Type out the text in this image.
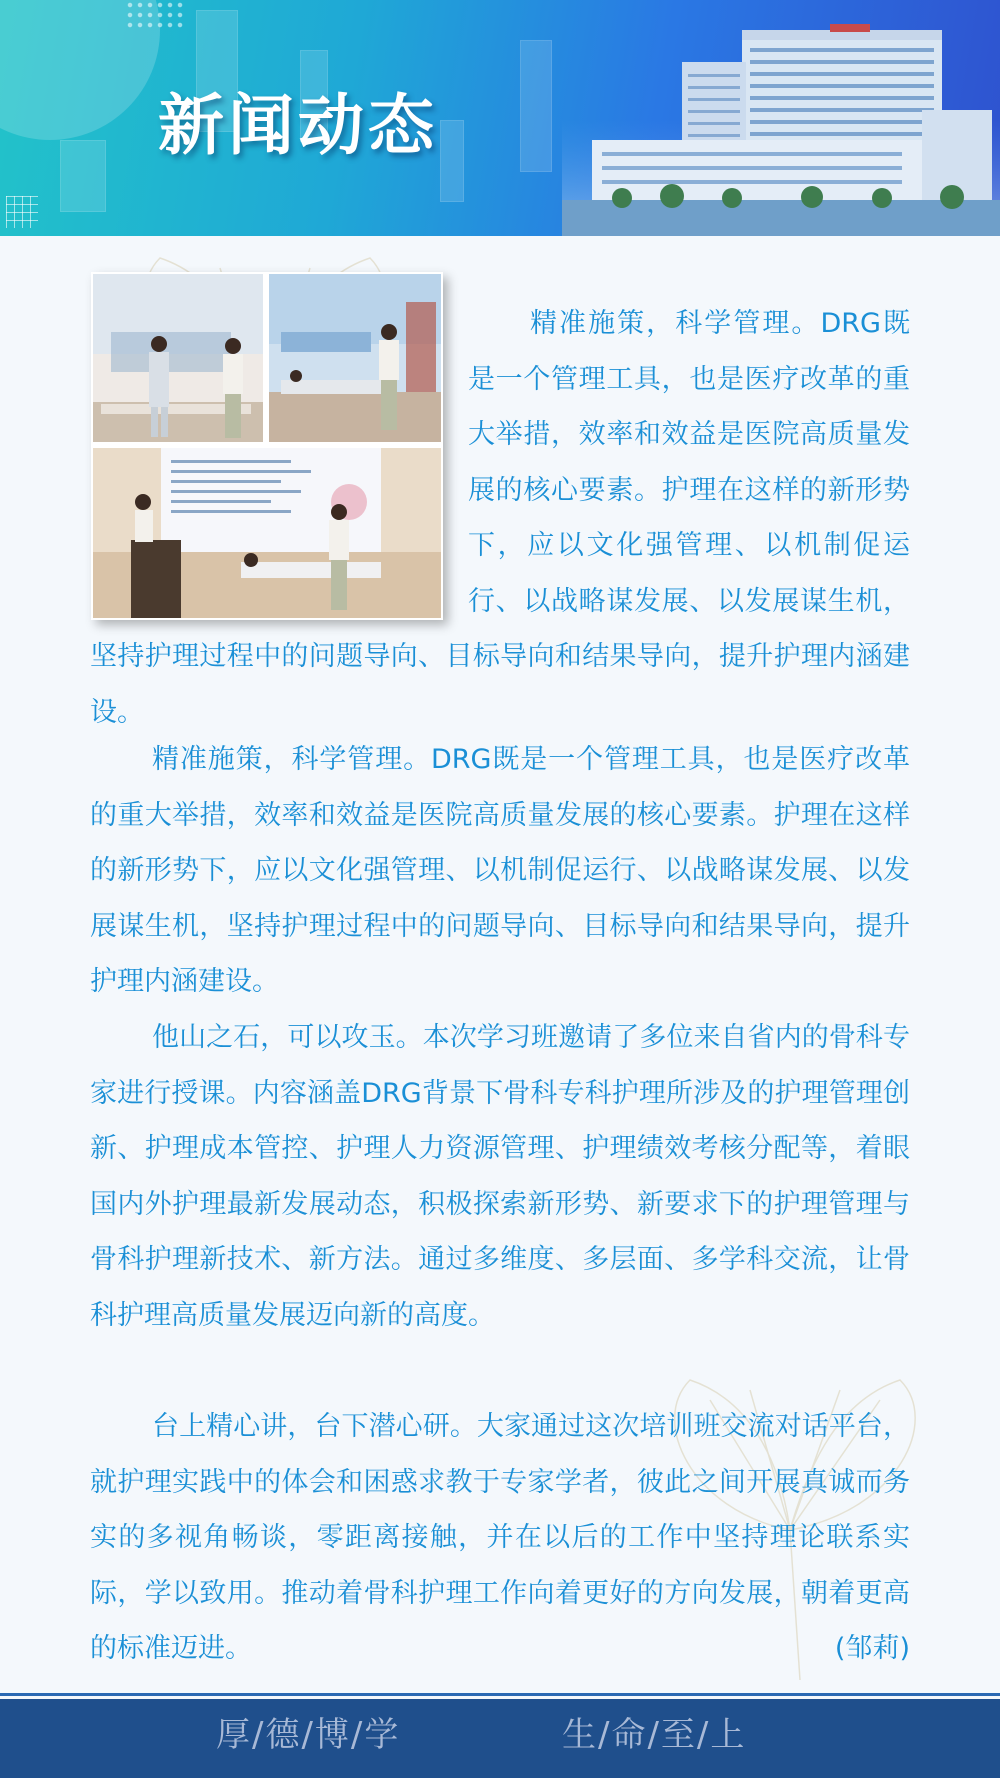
新闻动态
精准施策，科学管理。DRG既是一个管理工具，也是医疗改革的重大举措，效率和效益是医院高质量发展的核心要素。护理在这样的新形势下，应以文化强管理、以机制促运行、以战略谋发展、以发展谋生机，坚持护理过程中的问题导向、目标导向和结果导向，提升护理内涵建设。

精准施策，科学管理。DRG既是一个管理工具，也是医疗改革的重大举措，效率和效益是医院高质量发展的核心要素。护理在这样的新形势下，应以文化强管理、以机制促运行、以战略谋发展、以发展谋生机，坚持护理过程中的问题导向、目标导向和结果导向，提升护理内涵建设。

他山之石，可以攻玉。本次学习班邀请了多位来自省内的骨科专家进行授课。内容涵盖DRG背景下骨科专科护理所涉及的护理管理创新、护理成本管控、护理人力资源管理、护理绩效考核分配等，着眼国内外护理最新发展动态，积极探索新形势、新要求下的护理管理与骨科护理新技术、新方法。通过多维度、多层面、多学科交流，让骨科护理高质量发展迈向新的高度。

台上精心讲，台下潜心研。大家通过这次培训班交流对话平台，就护理实践中的体会和困惑求教于专家学者，彼此之间开展真诚而务实的多视角畅谈，零距离接触，并在以后的工作中坚持理论联系实际，学以致用。推动着骨科护理工作向着更好的方向发展，朝着更高的标准迈进。	(邹莉)

厚/德/博/学	生/命/至/上
